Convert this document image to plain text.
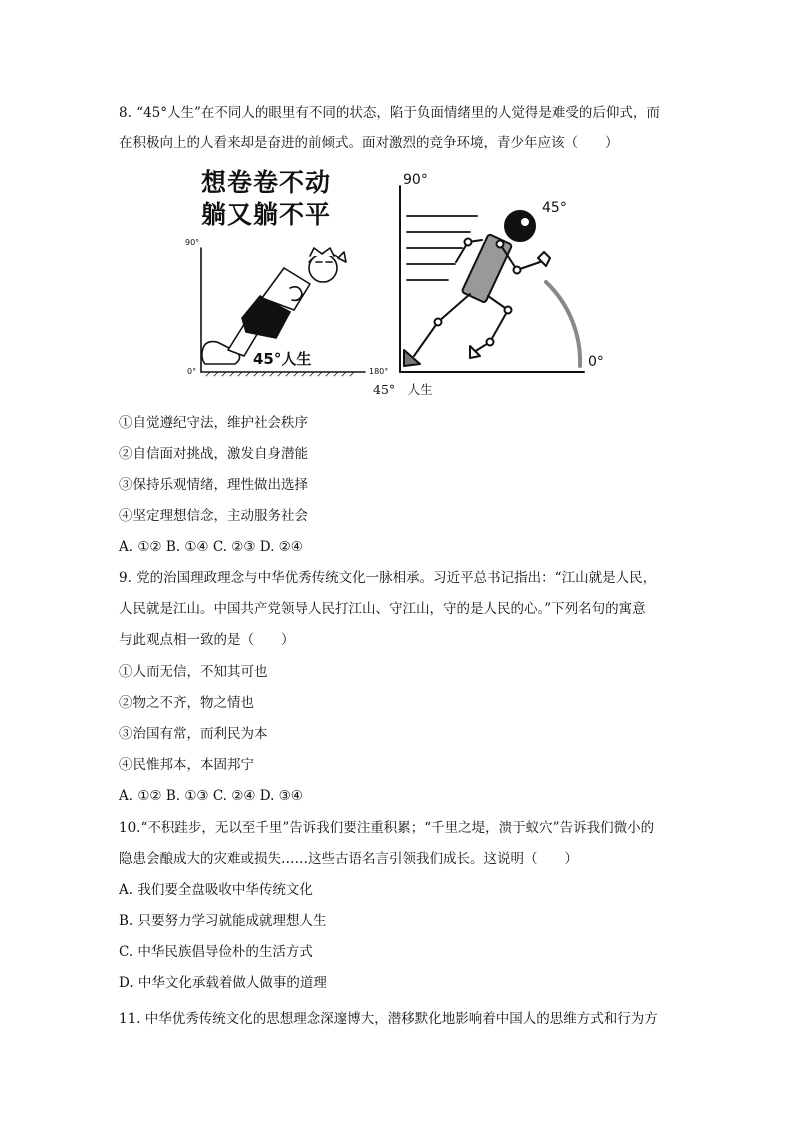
8. “45°人生”在不同人的眼里有不同的状态，陷于负面情绪里的人觉得是难受的后仰式，而
在积极向上的人看来却是奋进的前倾式。面对激烈的竞争环境，青少年应该（　　）
想卷卷不动
躺又躺不平
90°
0°	180°
45°人生
90°
45°
0°
45°　人生
①自觉遵纪守法，维护社会秩序
②自信面对挑战，激发自身潜能
③保持乐观情绪，理性做出选择
④坚定理想信念，主动服务社会
A. ①② B. ①④ C. ②③ D. ②④
9. 党的治国理政理念与中华优秀传统文化一脉相承。习近平总书记指出：“江山就是人民，
人民就是江山。中国共产党领导人民打江山、守江山，守的是人民的心。”下列名句的寓意
与此观点相一致的是（　　）
①人而无信，不知其可也
②物之不齐，物之情也
③治国有常，而利民为本
④民惟邦本，本固邦宁
A. ①② B. ①③ C. ②④ D. ③④
10.“不积跬步，无以至千里”告诉我们要注重积累；“千里之堤，溃于蚁穴”告诉我们微小的
隐患会酿成大的灾难或损失……这些古语名言引领我们成长。这说明（　　）
A. 我们要全盘吸收中华传统文化
B. 只要努力学习就能成就理想人生
C. 中华民族倡导俭朴的生活方式
D. 中华文化承载着做人做事的道理
11. 中华优秀传统文化的思想理念深邃博大，潜移默化地影响着中国人的思维方式和行为方
